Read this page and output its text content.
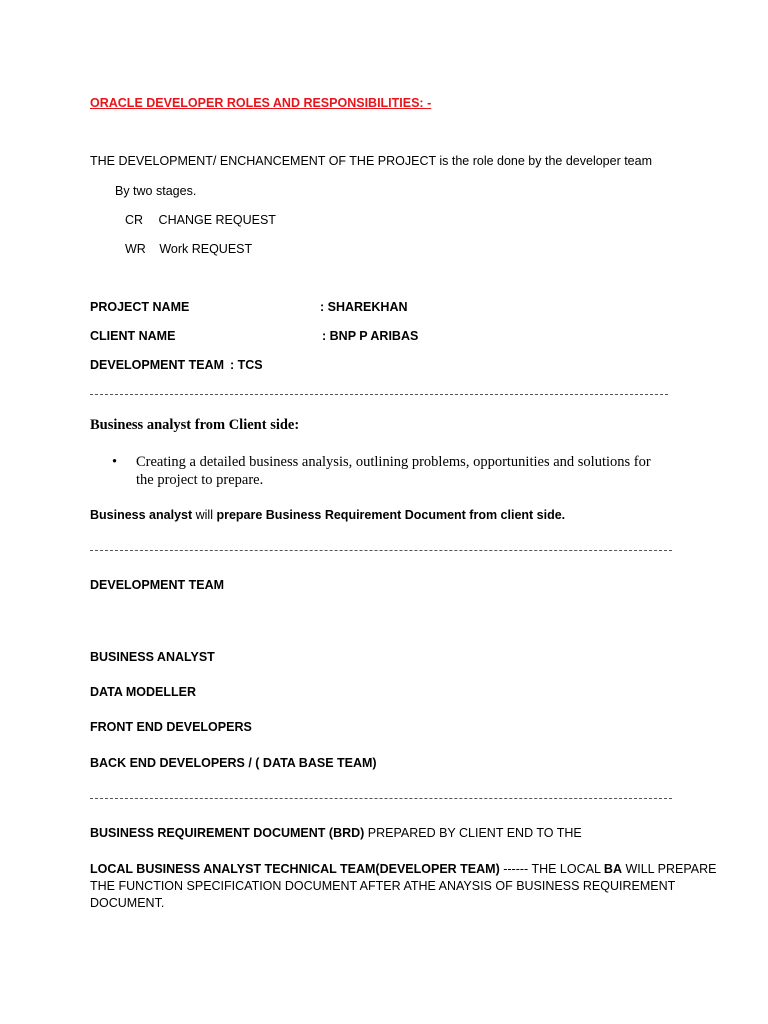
ORACLE DEVELOPER ROLES AND RESPONSIBILITIES: -
THE DEVELOPMENT/ ENCHANCEMENT OF THE PROJECT is the role done by the developer team
By two stages.
CR CHANGE REQUEST
WR Work REQUEST
PROJECT NAME	: SHAREKHAN
CLIENT NAME	: BNP P ARIBAS
DEVELOPMENT TEAM : TCS
Business analyst from Client side:
• Creating a detailed business analysis, outlining problems, opportunities and solutions for
the project to prepare.
Business analyst will prepare Business Requirement Document from client side.
DEVELOPMENT TEAM
BUSINESS ANALYST
DATA MODELLER
FRONT END DEVELOPERS
BACK END DEVELOPERS / ( DATA BASE TEAM)
BUSINESS REQUIREMENT DOCUMENT (BRD) PREPARED BY CLIENT END TO THE
LOCAL BUSINESS ANALYST TECHNICAL TEAM(DEVELOPER TEAM) ------ THE LOCAL BA WILL PREPARE
THE FUNCTION SPECIFICATION DOCUMENT AFTER ATHE ANAYSIS OF BUSINESS REQUIREMENT
DOCUMENT.
